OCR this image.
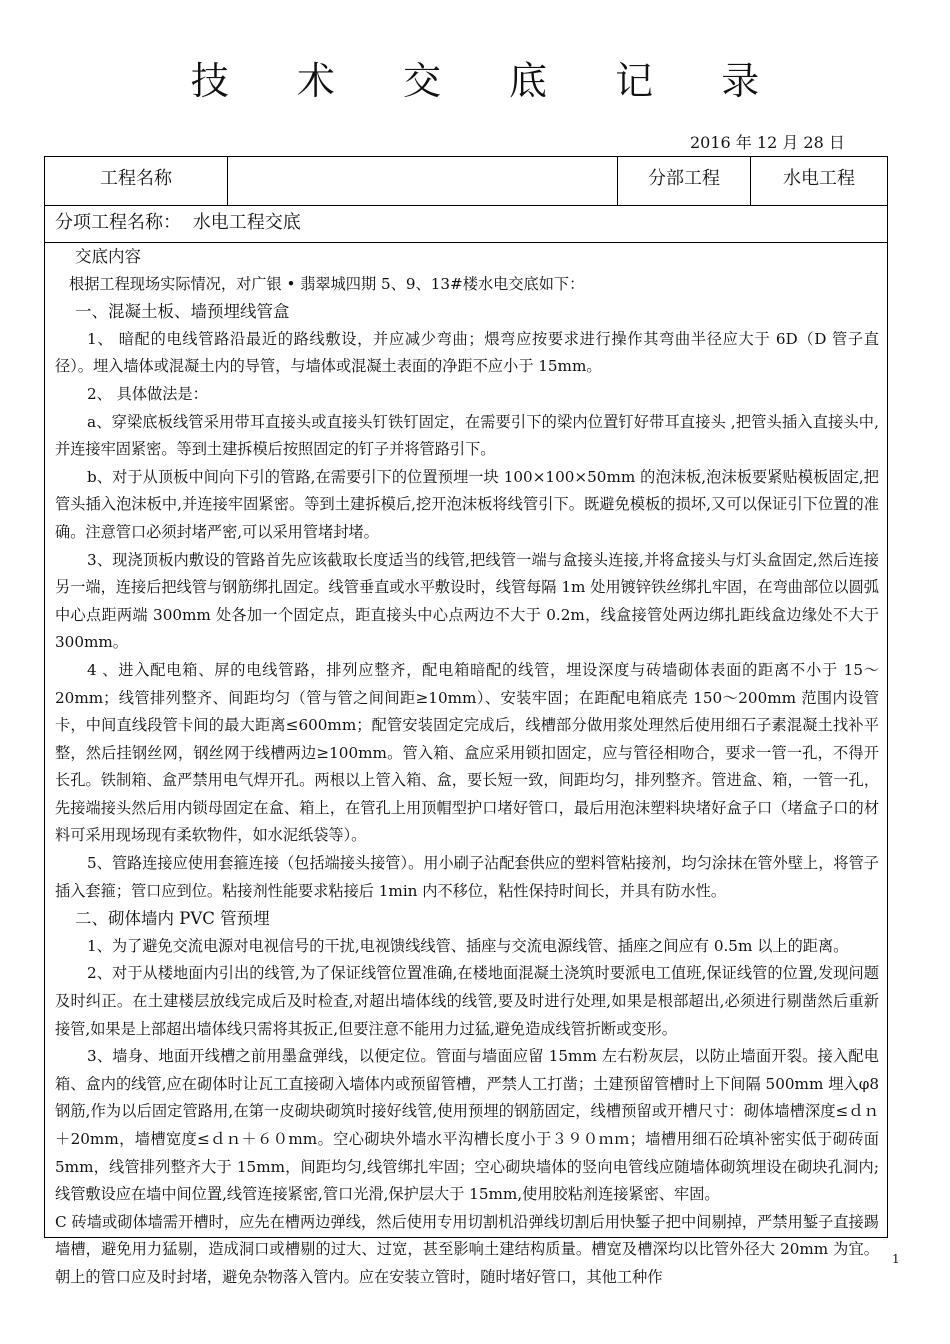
技 术 交 底 记 录
2016 年 12 月 28 日
工程名称	分部工程	水电工程
分项工程名称： 水电工程交底

交底内容

根据工程现场实际情况，对广银 • 翡翠城四期 5、9、13#楼水电交底如下：

一、混凝土板、墙预埋线管盒

1、 暗配的电线管路沿最近的路线敷设，并应减少弯曲；煨弯应按要求进行操作其弯曲半径应大于 6D（D 管子直径）。埋入墙体或混凝土内的导管，与墙体或混凝土表面的净距不应小于 15mm。

2、 具体做法是：

a、穿梁底板线管采用带耳直接头或直接头钉铁钉固定，在需要引下的梁内位置钉好带耳直接头 ,把管头插入直接头中,并连接牢固紧密。等到土建拆模后按照固定的钉子并将管路引下。

b、对于从顶板中间向下引的管路,在需要引下的位置预埋一块 100×100×50mm 的泡沫板,泡沫板要紧贴模板固定,把管头插入泡沫板中,并连接牢固紧密。等到土建拆模后,挖开泡沫板将线管引下。既避免模板的损坏,又可以保证引下位置的准确。注意管口必须封堵严密,可以采用管堵封堵。

3、现浇顶板内敷设的管路首先应该截取长度适当的线管,把线管一端与盒接头连接,并将盒接头与灯头盒固定,然后连接另一端，连接后把线管与钢筋绑扎固定。线管垂直或水平敷设时，线管每隔 1m 处用镀锌铁丝绑扎牢固，在弯曲部位以圆弧中心点距两端 300mm 处各加一个固定点，距直接头中心点两边不大于 0.2m，线盒接管处两边绑扎距线盒边缘处不大于 300mm。

4 、进入配电箱、屏的电线管路，排列应整齐，配电箱暗配的线管，埋设深度与砖墙砌体表面的距离不小于 15～20mm；线管排列整齐、间距均匀（管与管之间间距≥10mm）、安装牢固；在距配电箱底壳 150～200mm 范围内设管卡，中间直线段管卡间的最大距离≤600mm；配管安装固定完成后，线槽部分做用浆处理然后使用细石子素混凝土找补平整，然后挂钢丝网，钢丝网于线槽两边≥100mm。管入箱、盒应采用锁扣固定，应与管径相吻合，要求一管一孔，不得开长孔。铁制箱、盒严禁用电气焊开孔。两根以上管入箱、盒，要长短一致，间距均匀，排列整齐。管进盒、箱，一管一孔，先接端接头然后用内锁母固定在盒、箱上，在管孔上用顶帽型护口堵好管口，最后用泡沫塑料块堵好盒子口（堵盒子口的材料可采用现场现有柔软物件，如水泥纸袋等）。

5、管路连接应使用套箍连接（包括端接头接管）。用小刷子沾配套供应的塑料管粘接剂，均匀涂抹在管外壁上，将管子插入套箍；管口应到位。粘接剂性能要求粘接后 1min 内不移位，粘性保持时间长，并具有防水性。

二、砌体墙内 PVC 管预埋

1、为了避免交流电源对电视信号的干扰,电视馈线线管、插座与交流电源线管、插座之间应有 0.5m 以上的距离。

2、对于从楼地面内引出的线管,为了保证线管位置准确,在楼地面混凝土浇筑时要派电工值班,保证线管的位置,发现问题及时纠正。在土建楼层放线完成后及时检查,对超出墙体线的线管,要及时进行处理,如果是根部超出,必须进行剔凿然后重新接管,如果是上部超出墙体线只需将其扳正,但要注意不能用力过猛,避免造成线管折断或变形。

3、墙身、地面开线槽之前用墨盒弹线，以便定位。管面与墙面应留 15mm 左右粉灰层，以防止墙面开裂。接入配电箱、盒内的线管,应在砌体时让瓦工直接砌入墙体内或预留管槽，严禁人工打凿；土建预留管槽时上下间隔 500mm 埋入φ8 钢筋,作为以后固定管路用,在第一皮砌块砌筑时接好线管,使用预埋的钢筋固定，线槽预留或开槽尺寸：砌体墙槽深度≤ｄｎ＋20mm，墙槽宽度≤ｄｎ＋６０mm。空心砌块外墙水平沟槽长度小于３９０ｍｍ；墙槽用细石砼填补密实低于砌砖面 5mm，线管排列整齐大于 15mm，间距均匀,线管绑扎牢固；空心砌块墙体的竖向电管线应随墙体砌筑埋设在砌块孔洞内;线管敷设应在墙中间位置,线管连接紧密,管口光滑,保护层大于 15mm,使用胶粘剂连接紧密、牢固。

C 砖墙或砌体墙需开槽时，应先在槽两边弹线，然后使用专用切割机沿弹线切割后用快錾子把中间剔掉，严禁用錾子直接踢墙槽，避免用力猛剔，造成洞口或槽剔的过大、过宽，甚至影响土建结构质量。槽宽及槽深均以比管外径大 20mm 为宜。朝上的管口应及时封堵，避免杂物落入管内。应在安装立管时，随时堵好管口，其他工种作

1
